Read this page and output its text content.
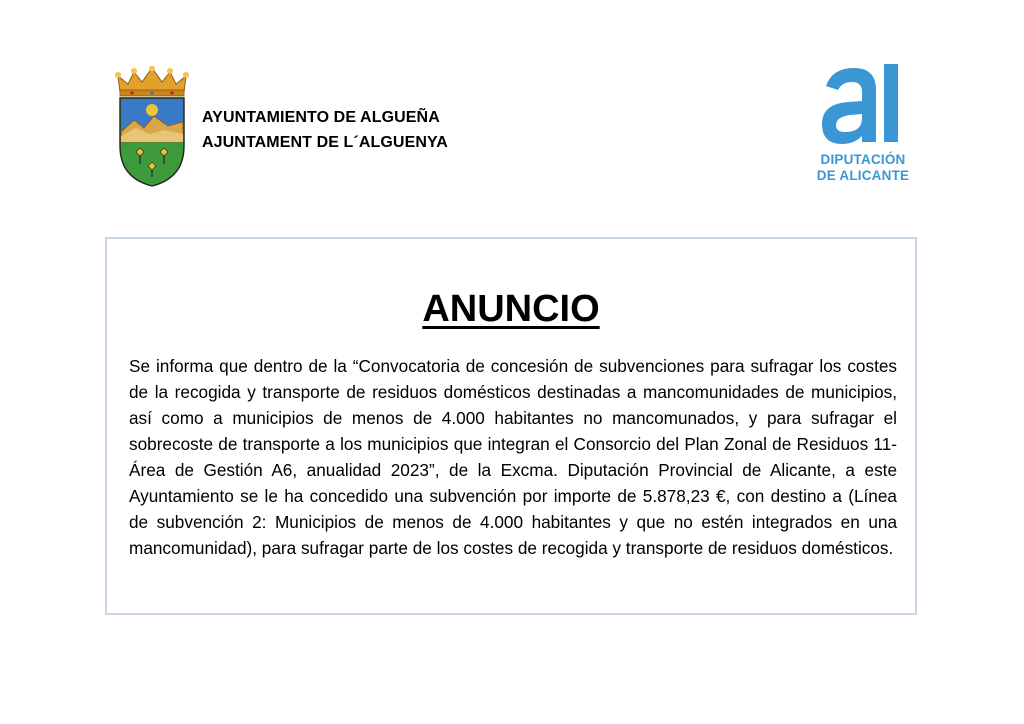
AYUNTAMIENTO DE ALGUEÑA
AJUNTAMENT DE L´ALGUENYA
DIPUTACIÓN
DE ALICANTE
ANUNCIO
Se informa que dentro de la “Convocatoria de concesión de subvenciones para sufragar los costes de la recogida y transporte de residuos domésticos destinadas a mancomunidades de municipios, así como a municipios de menos de 4.000 habitantes no mancomunados, y para sufragar el sobrecoste de transporte a los municipios que integran el Consorcio del Plan Zonal de Residuos 11-Área de Gestión A6, anualidad 2023”, de la Excma. Diputación Provincial de Alicante, a este Ayuntamiento se le ha concedido una subvención por importe de 5.878,23 €, con destino a (Línea de subvención 2: Municipios de menos de 4.000 habitantes y que no estén integrados en una mancomunidad), para sufragar parte de los costes de recogida y transporte de residuos domésticos.
